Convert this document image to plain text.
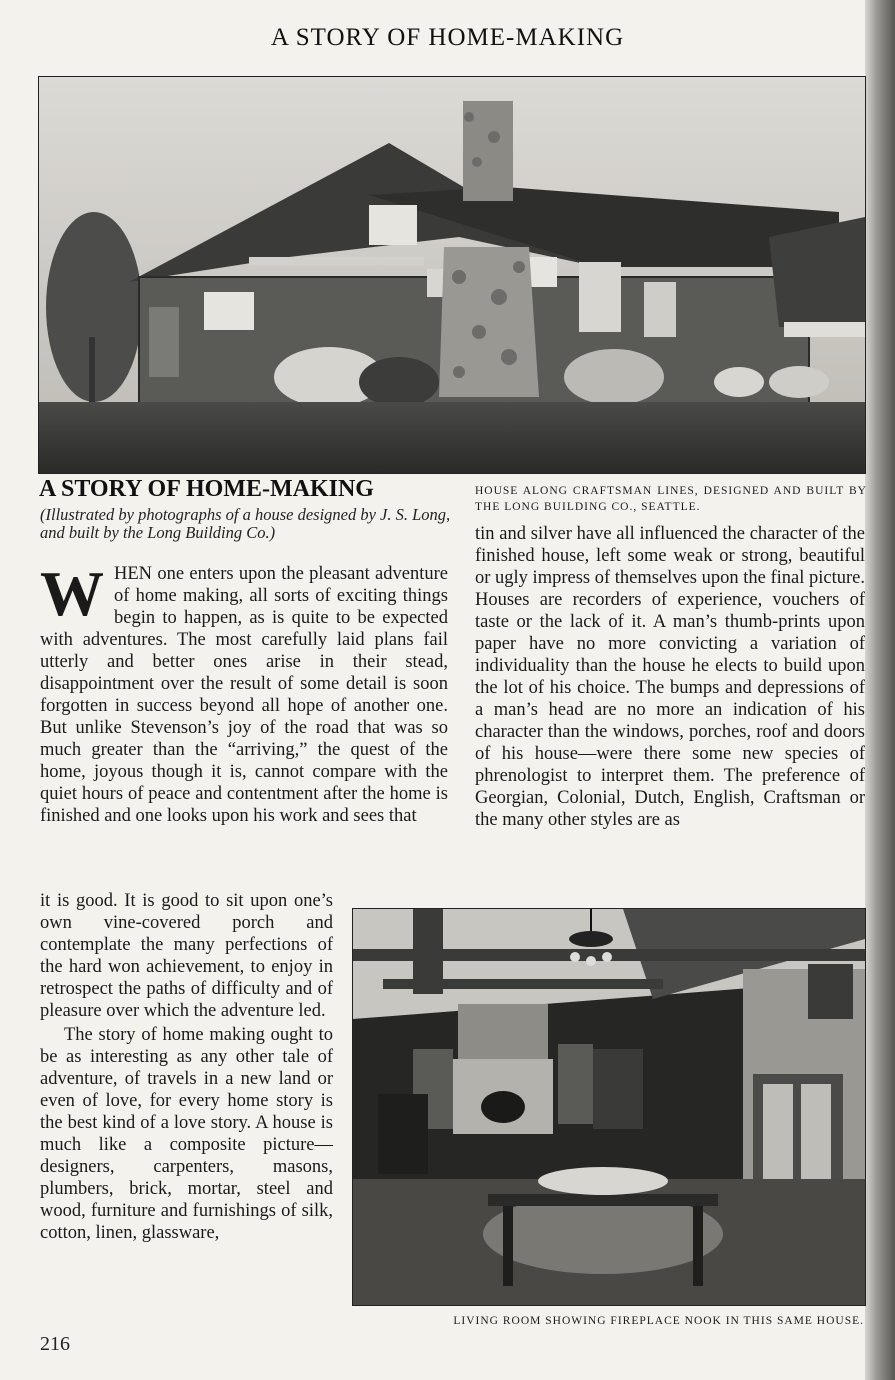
A STORY OF HOME-MAKING
A STORY OF HOME-MAKING
(Illustrated by photographs of a house designed by J. S. Long, and built by the Long Building Co.)
HOUSE ALONG CRAFTSMAN LINES, DESIGNED AND BUILT BY THE LONG BUILDING CO., SEATTLE.
W HEN one enters upon the pleasant adventure of home making, all sorts of exciting things begin to happen, as is quite to be expected with adventures. The most carefully laid plans fail utterly and better ones arise in their stead, disappointment over the result of some detail is soon forgotten in success beyond all hope of another one. But unlike Stevenson’s joy of the road that was so much greater than the “arriving,” the quest of the home, joyous though it is, cannot compare with the quiet hours of peace and contentment after the home is finished and one looks upon his work and sees that
it is good. It is good to sit upon one’s own vine-covered porch and contemplate the many perfections of the hard won achievement, to enjoy in retrospect the paths of difficulty and of pleasure over which the adventure led.
The story of home making ought to be as interesting as any other tale of adventure, of travels in a new land or even of love, for every home story is the best kind of a love story. A house is much like a composite picture—designers, carpenters, masons, plumbers, brick, mortar, steel and wood, furniture and furnishings of silk, cotton, linen, glassware,
tin and silver have all influenced the character of the finished house, left some weak or strong, beautiful or ugly impress of themselves upon the final picture. Houses are recorders of experience, vouchers of taste or the lack of it. A man’s thumb-prints upon paper have no more convicting a variation of individuality than the house he elects to build upon the lot of his choice. The bumps and depressions of a man’s head are no more an indication of his character than the windows, porches, roof and doors of his house—were there some new species of phrenologist to interpret them. The preference of Georgian, Colonial, Dutch, English, Craftsman or the many other styles are as
LIVING ROOM SHOWING FIREPLACE NOOK IN THIS SAME HOUSE.
216
